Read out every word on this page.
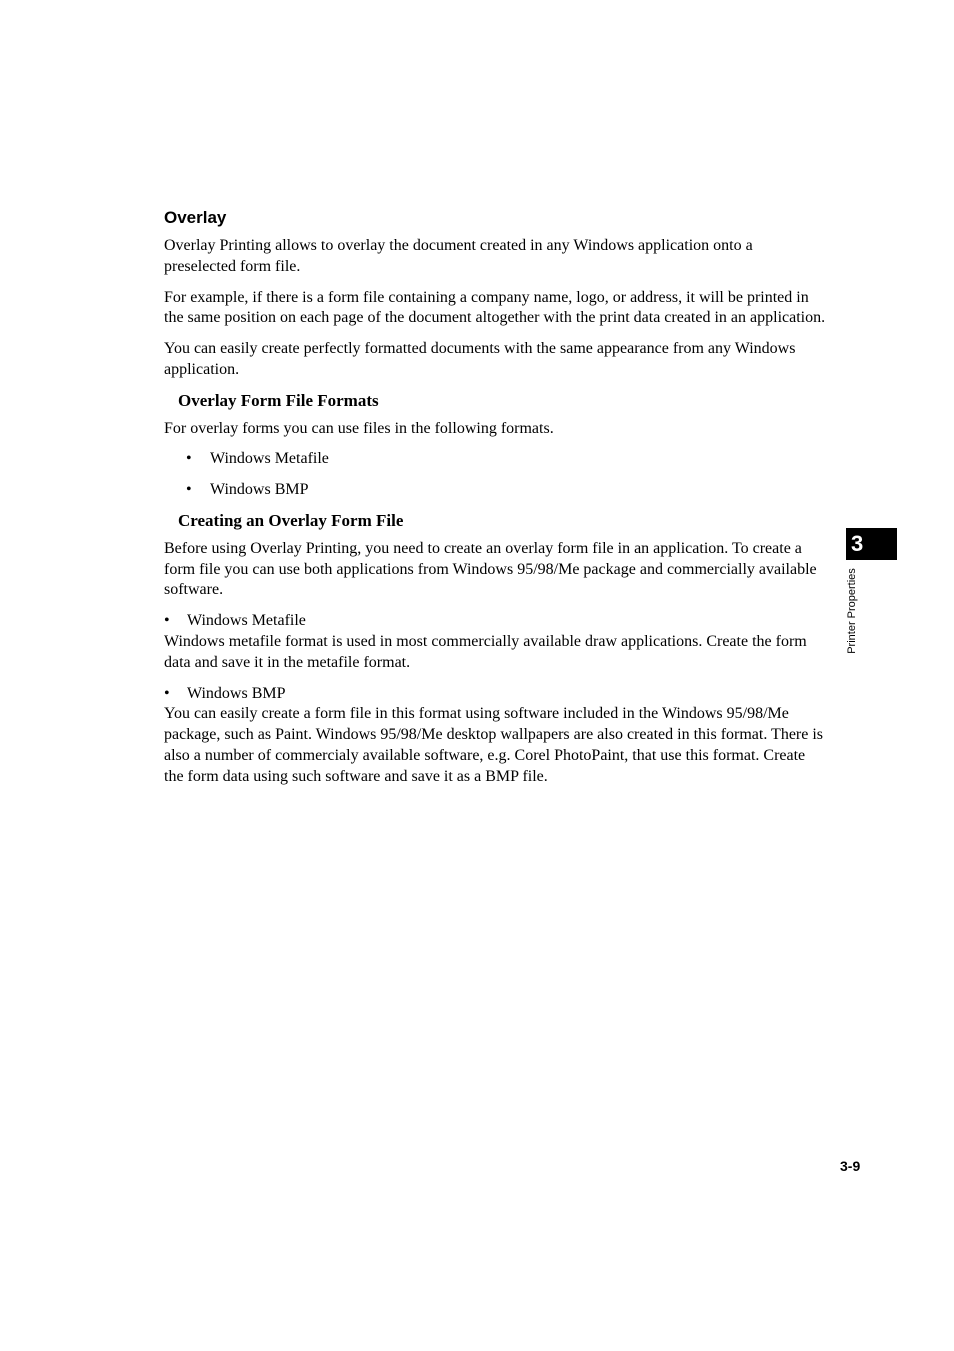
Overlay

Overlay Printing allows to overlay the document created in any Windows application onto a preselected form file.

For example, if there is a form file containing a company name, logo, or address, it will be printed in the same position on each page of the document altogether with the print data created in an application.

You can easily create perfectly formatted documents with the same appearance from any Windows application.

Overlay Form File Formats

For overlay forms you can use files in the following formats.

• Windows Metafile
• Windows BMP
Creating an Overlay Form File

Before using Overlay Printing, you need to create an overlay form file in an application. To create a form file you can use both applications from Windows 95/98/Me package and commercially available software.

•	Windows Metafile
Windows metafile format is used in most commercially available draw applications. Create the form data and save it in the metafile format.
•	Windows BMP
You can easily create a form file in this format using software included in the Windows 95/98/Me package, such as Paint. Windows 95/98/Me desktop wallpapers are also created in this format. There is also a number of commercialy available software, e.g. Corel PhotoPaint, that use this format. Create the form data using such software and save it as a BMP file.
3
Printer Properties
3-9
